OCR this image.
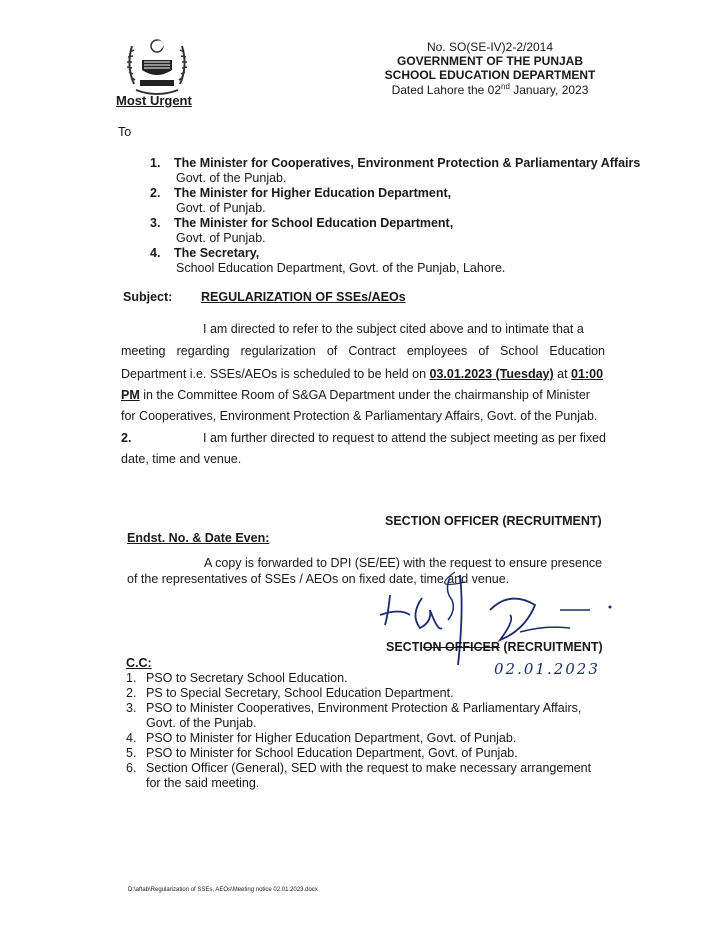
Most Urgent
No. SO(SE-IV)2-2/2014
GOVERNMENT OF THE PUNJAB
SCHOOL EDUCATION DEPARTMENT
Dated Lahore the 02nd January, 2023
To
1. The Minister for Cooperatives, Environment Protection & Parliamentary Affairs
Govt. of the Punjab.
2. The Minister for Higher Education Department,
Govt. of Punjab.
3. The Minister for School Education Department,
Govt. of Punjab.
4. The Secretary,
School Education Department, Govt. of the Punjab, Lahore.
Subject: REGULARIZATION OF SSEs/AEOs
I am directed to refer to the subject cited above and to intimate that a
meeting regarding regularization of Contract employees of School Education
Department i.e. SSEs/AEOs is scheduled to be held on 03.01.2023 (Tuesday) at 01:00
PM in the Committee Room of S&GA Department under the chairmanship of Minister
for Cooperatives, Environment Protection & Parliamentary Affairs, Govt. of the Punjab.
2.	I am further directed to request to attend the subject meeting as per fixed
date, time and venue.
SECTION OFFICER (RECRUITMENT)
Endst. No. & Date Even:
A copy is forwarded to DPI (SE/EE) with the request to ensure presence
of the representatives of SSEs / AEOs on fixed date, time and venue.
SECTION OFFICER (RECRUITMENT)
02.01.2023
C.C:
1. PSO to Secretary School Education.
2. PS to Special Secretary, School Education Department.
3. PSO to Minister Cooperatives, Environment Protection & Parliamentary Affairs,
Govt. of the Punjab.
4. PSO to Minister for Higher Education Department, Govt. of Punjab.
5. PSO to Minister for School Education Department, Govt. of Punjab.
6. Section Officer (General), SED with the request to make necessary arrangement
for the said meeting.
D:\aftab\Regularization of SSEs, AEOs\Meeting notice 02.01.2023.docx
